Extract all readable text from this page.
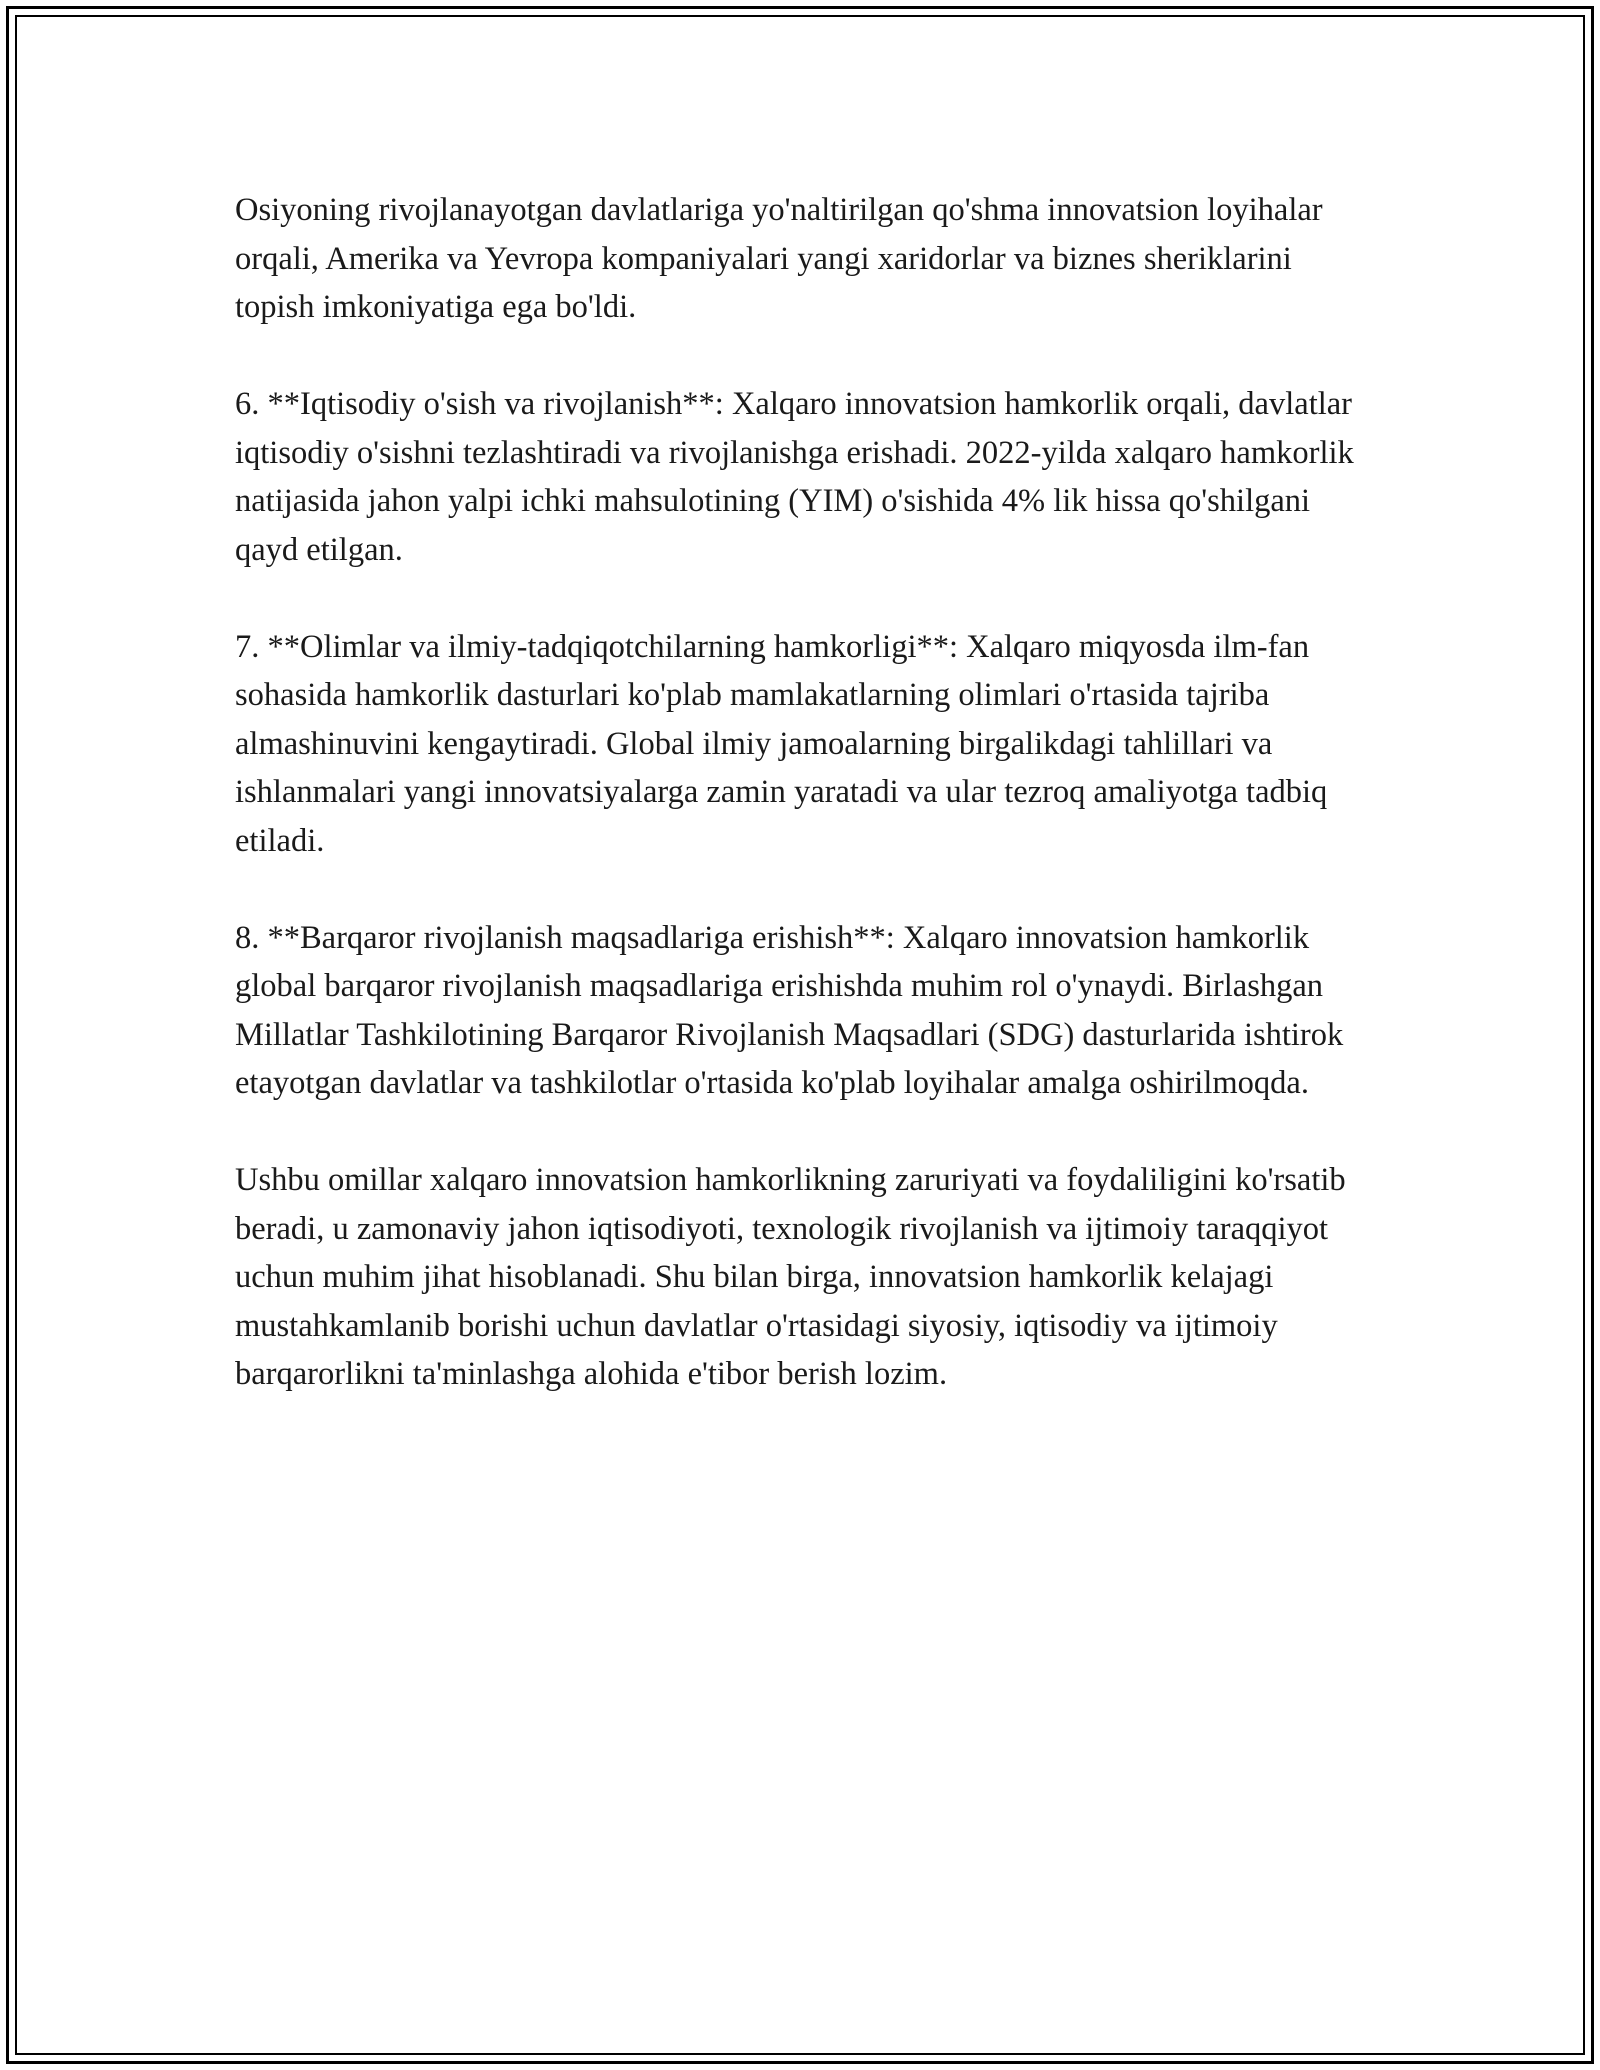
Osiyoning rivojlanayotgan davlatlariga yo'naltirilgan qo'shma innovatsion loyihalar orqali, Amerika va Yevropa kompaniyalari yangi xaridorlar va biznes sheriklarini topish imkoniyatiga ega bo'ldi.

6. **Iqtisodiy o'sish va rivojlanish**: Xalqaro innovatsion hamkorlik orqali, davlatlar iqtisodiy o'sishni tezlashtiradi va rivojlanishga erishadi. 2022-yilda xalqaro hamkorlik natijasida jahon yalpi ichki mahsulotining (YIM) o'sishida 4% lik hissa qo'shilgani qayd etilgan.

7. **Olimlar va ilmiy-tadqiqotchilarning hamkorligi**: Xalqaro miqyosda ilm-fan sohasida hamkorlik dasturlari ko'plab mamlakatlarning olimlari o'rtasida tajriba almashinuvini kengaytiradi. Global ilmiy jamoalarning birgalikdagi tahlillari va ishlanmalari yangi innovatsiyalarga zamin yaratadi va ular tezroq amaliyotga tadbiq etiladi.

8. **Barqaror rivojlanish maqsadlariga erishish**: Xalqaro innovatsion hamkorlik global barqaror rivojlanish maqsadlariga erishishda muhim rol o'ynaydi. Birlashgan Millatlar Tashkilotining Barqaror Rivojlanish Maqsadlari (SDG) dasturlarida ishtirok etayotgan davlatlar va tashkilotlar o'rtasida ko'plab loyihalar amalga oshirilmoqda.

Ushbu omillar xalqaro innovatsion hamkorlikning zaruriyati va foydaliligini ko'rsatib beradi, u zamonaviy jahon iqtisodiyoti, texnologik rivojlanish va ijtimoiy taraqqiyot uchun muhim jihat hisoblanadi. Shu bilan birga, innovatsion hamkorlik kelajagi mustahkamlanib borishi uchun davlatlar o'rtasidagi siyosiy, iqtisodiy va ijtimoiy barqarorlikni ta'minlashga alohida e'tibor berish lozim.
